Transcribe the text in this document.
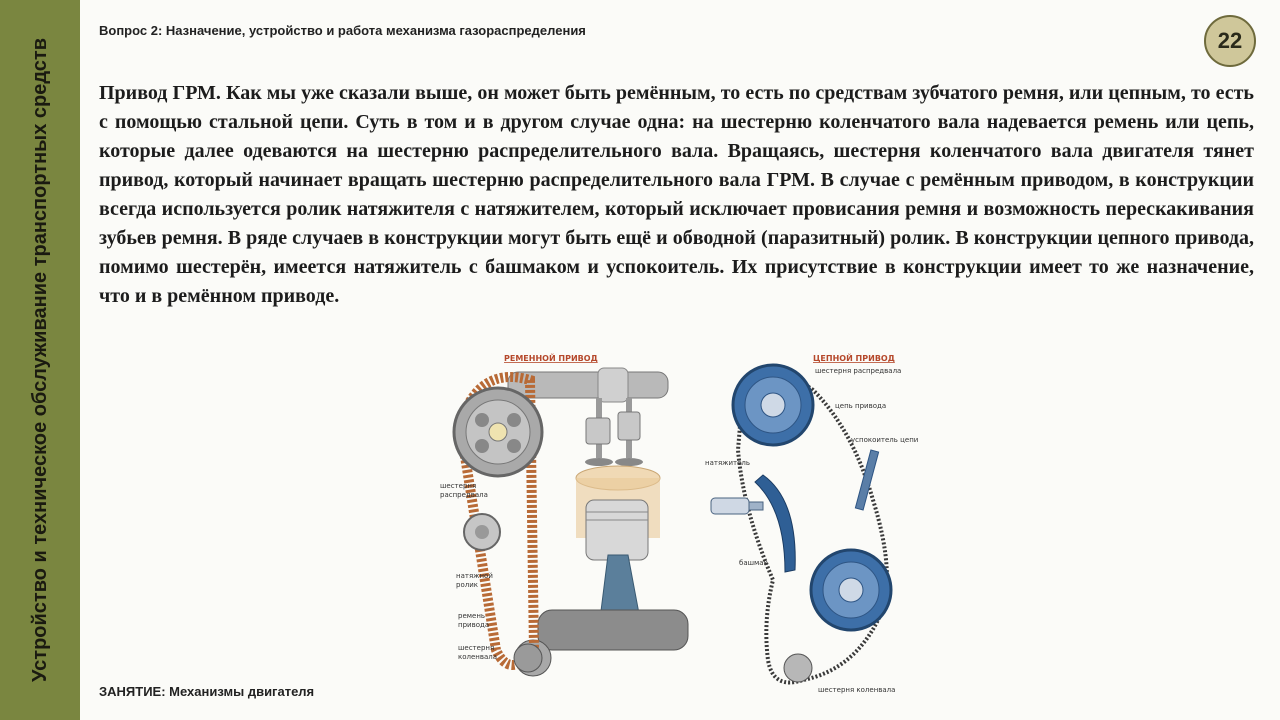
Устройство и техническое обслуживание транспортных средств
Вопрос 2: Назначение, устройство и работа механизма газораспределения	22

Привод ГРМ. Как мы уже сказали выше, он может быть ремённым, то есть по средствам зубчатого ремня, или цепным, то есть с помощью стальной цепи. Суть в том и в другом случае одна: на шестерню коленчатого вала надевается ремень или цепь, которые далее одеваются на шестерню распределительного вала. Вращаясь, шестерня коленчатого вала двигателя тянет привод, который начинает вращать шестерню распределительного вала ГРМ. В случае с ремённым приводом, в конструкции всегда используется ролик натяжителя с натяжителем, который исключает провисания ремня и возможность перескакивания зубьев ремня. В ряде случаев в конструкции могут быть ещё и обводной (паразитный) ролик. В конструкции цепного привода, помимо шестерён, имеется натяжитель с башмаком и успокоитель. Их присутствие в конструкции имеет то же назначение, что и в ремённом приводе.

РЕМЕННОЙ ПРИВОД
шестерня
распредвала
натяжной
ролик
ремень
привода
шестерня
коленвала
ЦЕПНОЙ ПРИВОД
шестерня распредвала
цепь привода
успокоитель цепи
натяжитель
башмак
шестерня коленвала
ЗАНЯТИЕ: Механизмы двигателя
